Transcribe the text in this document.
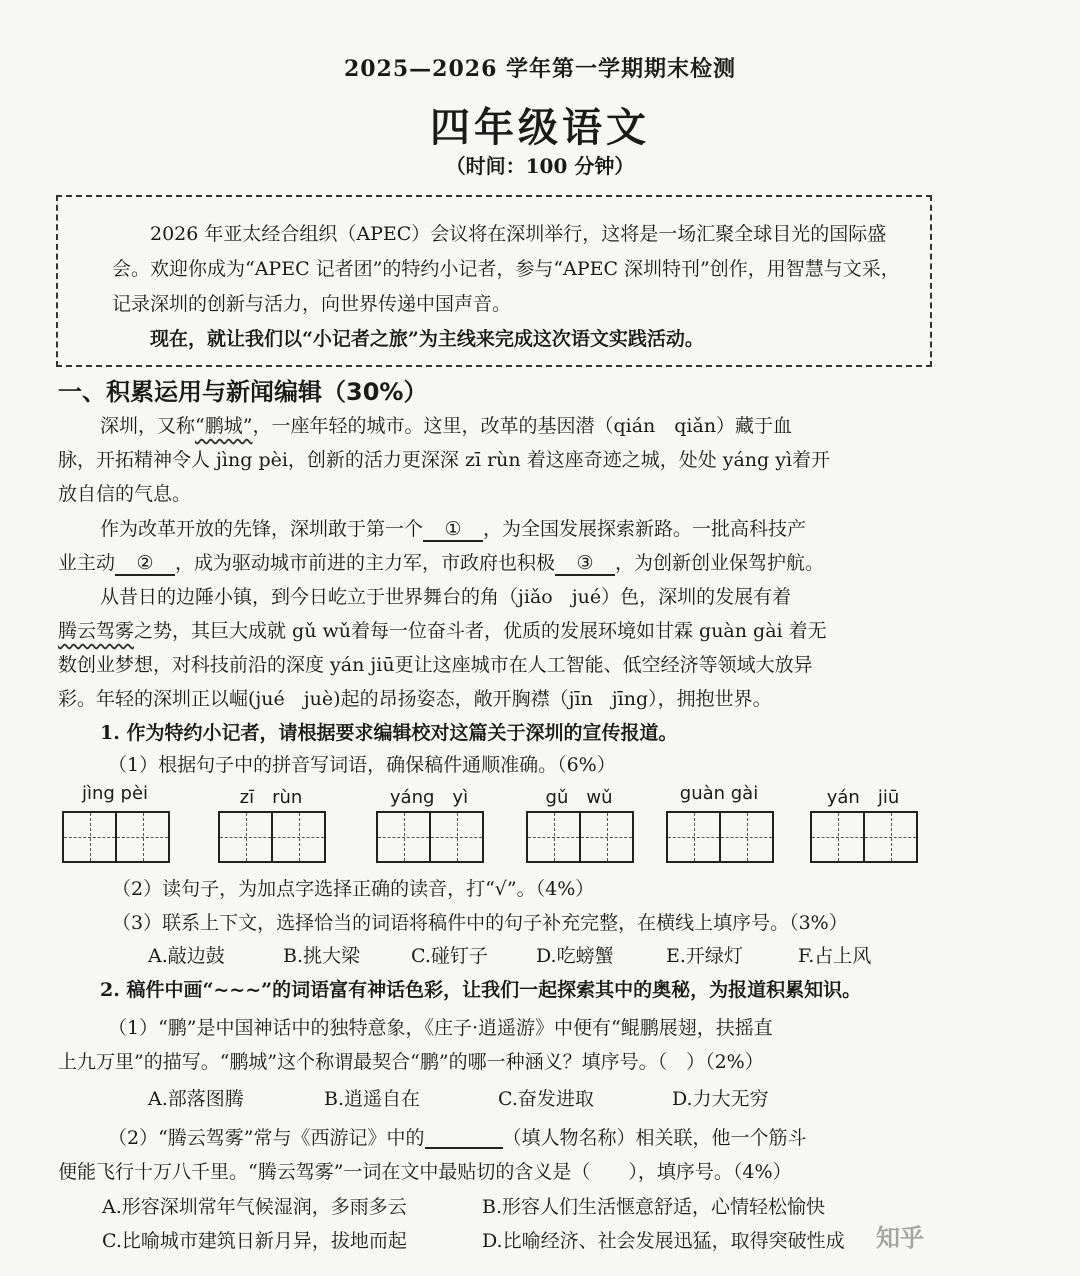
2025—2026 学年第一学期期末检测
四年级语文
（时间：100 分钟）

2026 年亚太经合组织（APEC）会议将在深圳举行，这将是一场汇聚全球目光的国际盛会。欢迎你成为“APEC 记者团”的特约小记者，参与“APEC 深圳特刊”创作，用智慧与文采，记录深圳的创新与活力，向世界传递中国声音。

现在，就让我们以“小记者之旅”为主线来完成这次语文实践活动。

一、积累运用与新闻编辑（30%）
深圳，又称“鹏城”，一座年轻的城市。这里，改革的基因潜（qián　qiǎn）藏于血
脉，开拓精神令人 jìng pèi，创新的活力更深深 zī rùn 着这座奇迹之城，处处 yáng yì着开
放自信的气息。
作为改革开放的先锋，深圳敢于第一个 ① ，为全国发展探索新路。一批高科技产
业主动 ② ，成为驱动城市前进的主力军，市政府也积极 ③ ，为创新创业保驾护航。
从昔日的边陲小镇，到今日屹立于世界舞台的角（jiǎo　jué）色，深圳的发展有着
腾云驾雾之势，其巨大成就 gǔ wǔ着每一位奋斗者，优质的发展环境如甘霖 guàn gài 着无
数创业梦想，对科技前沿的深度 yán jiū更让这座城市在人工智能、低空经济等领域大放异
彩。年轻的深圳正以崛(jué　juè)起的昂扬姿态，敞开胸襟（jīn　jīng），拥抱世界。
1. 作为特约小记者，请根据要求编辑校对这篇关于深圳的宣传报道。
（1）根据句子中的拼音写词语，确保稿件通顺准确。（6%）
jìng pèi	zī　rùn	yáng　yì	gǔ　wǔ	guàn gài	yán　jiū
（2）读句子，为加点字选择正确的读音，打“√”。（4%）
（3）联系上下文，选择恰当的词语将稿件中的句子补充完整，在横线上填序号。（3%）
A.敲边鼓	B.挑大梁	C.碰钉子	D.吃螃蟹	E.开绿灯	F.占上风
2. 稿件中画“~~~”的词语富有神话色彩，让我们一起探索其中的奥秘，为报道积累知识。
（1）“鹏”是中国神话中的独特意象，《庄子·逍遥游》中便有“鲲鹏展翅，扶摇直
上九万里”的描写。“鹏城”这个称谓最契合“鹏”的哪一种涵义？填序号。（　）（2%）
A.部落图腾	B.逍遥自在	C.奋发进取	D.力大无穷
（2）“腾云驾雾”常与《西游记》中的	（填人物名称）相关联，他一个筋斗
便能飞行十万八千里。“腾云驾雾”一词在文中最贴切的含义是（　　），填序号。（4%）
A.形容深圳常年气候湿润，多雨多云	B.形容人们生活惬意舒适，心情轻松愉快
C.比喻城市建筑日新月异，拔地而起	D.比喻经济、社会发展迅猛，取得突破性成	知乎
